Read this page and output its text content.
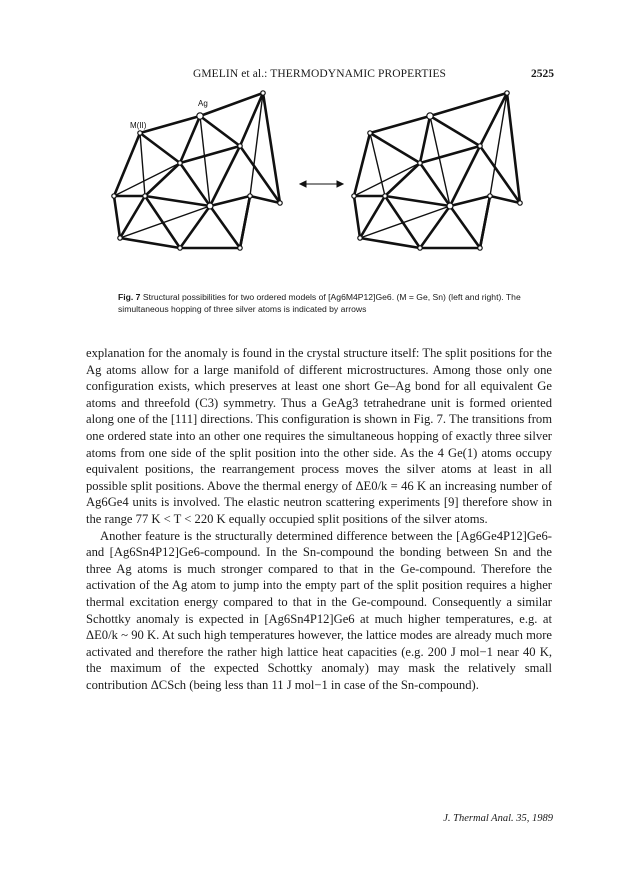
GMELIN et al.: THERMODYNAMIC PROPERTIES	2525
Ag
M(II)
Fig. 7 Structural possibilities for two ordered models of [Ag6M4P12]Ge6. (M = Ge, Sn) (left and right). The simultaneous hopping of three silver atoms is indicated by arrows

explanation for the anomaly is found in the crystal structure itself: The split positions for the Ag atoms allow for a large manifold of different microstructures. Among those only one configuration exists, which preserves at least one short Ge–Ag bond for all equivalent Ge atoms and threefold (C3) symmetry. Thus a GeAg3 tetrahedrane unit is formed oriented along one of the [111] directions. This configuration is shown in Fig. 7. The transitions from one ordered state into an other one requires the simultaneous hopping of exactly three silver atoms from one side of the split position into the other side. As the 4 Ge(1) atoms occupy equivalent positions, the rearrangement process moves the silver atoms at least in all possible split positions. Above the thermal energy of ΔE0/k = 46 K an increasing number of Ag6Ge4 units is involved. The elastic neutron scattering experiments [9] therefore show in the range 77 K < T < 220 K equally occupied split positions of the silver atoms.

Another feature is the structurally determined difference between the [Ag6Ge4P12]Ge6- and [Ag6Sn4P12]Ge6-compound. In the Sn-compound the bonding between Sn and the three Ag atoms is much stronger compared to that in the Ge-compound. Therefore the activation of the Ag atom to jump into the empty part of the split position requires a higher thermal excitation energy compared to that in the Ge-compound. Consequently a similar Schottky anomaly is expected in [Ag6Sn4P12]Ge6 at much higher temperatures, e.g. at ΔE0/k ~ 90 K. At such high temperatures however, the lattice modes are already much more activated and therefore the rather high lattice heat capacities (e.g. 200 J mol−1 near 40 K, the maximum of the expected Schottky anomaly) may mask the relatively small contribution ΔCSch (being less than 11 J mol−1 in case of the Sn-compound).

J. Thermal Anal. 35, 1989
